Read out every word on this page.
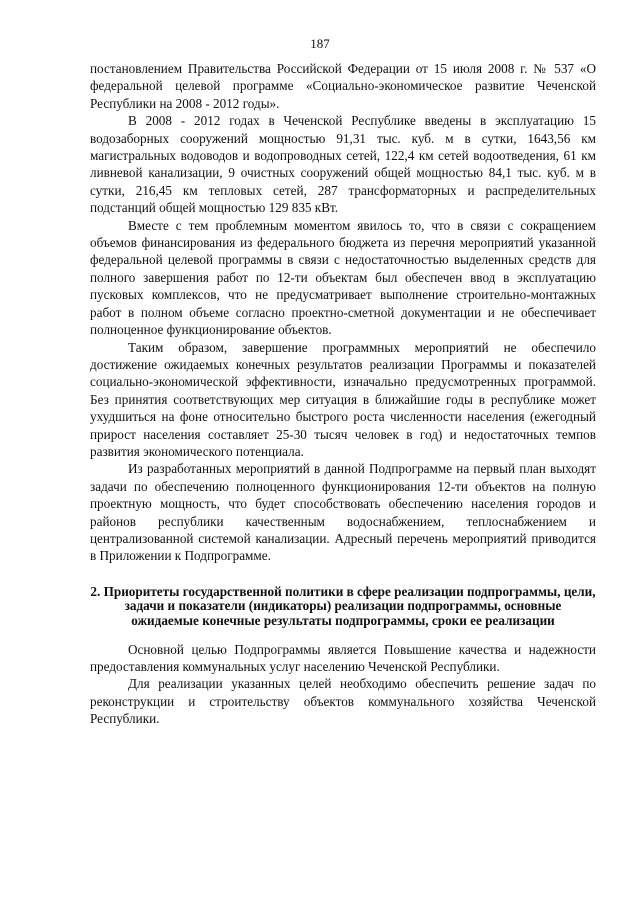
187

постановлением Правительства Российской Федерации от 15 июля 2008 г. № 537 «О федеральной целевой программе «Социально-экономическое развитие Чеченской Республики на 2008 - 2012 годы».

В 2008 - 2012 годах в Чеченской Республике введены в эксплуатацию 15 водозаборных сооружений мощностью 91,31 тыс. куб. м в сутки, 1643,56 км магистральных водоводов и водопроводных сетей, 122,4 км сетей водоотведения, 61 км ливневой канализации, 9 очистных сооружений общей мощностью 84,1 тыс. куб. м в сутки, 216,45 км тепловых сетей, 287 трансформаторных и распределительных подстанций общей мощностью 129 835 кВт.

Вместе с тем проблемным моментом явилось то, что в связи с сокращением объемов финансирования из федерального бюджета из перечня мероприятий указанной федеральной целевой программы в связи с недостаточностью выделенных средств для полного завершения работ по 12-ти объектам был обеспечен ввод в эксплуатацию пусковых комплексов, что не предусматривает выполнение строительно-монтажных работ в полном объеме согласно проектно-сметной документации и не обеспечивает полноценное функционирование объектов.

Таким образом, завершение программных мероприятий не обеспечило достижение ожидаемых конечных результатов реализации Программы и показателей социально-экономической эффективности, изначально предусмотренных программой. Без принятия соответствующих мер ситуация в ближайшие годы в республике может ухудшиться на фоне относительно быстрого роста численности населения (ежегодный прирост населения составляет 25-30 тысяч человек в год) и недостаточных темпов развития экономического потенциала.

Из разработанных мероприятий в данной Подпрограмме на первый план выходят задачи по обеспечению полноценного функционирования 12-ти объектов на полную проектную мощность, что будет способствовать обеспечению населения городов и районов республики качественным водоснабжением, теплоснабжением и централизованной системой канализации. Адресный перечень мероприятий приводится в Приложении к Подпрограмме.

2. Приоритеты государственной политики в сфере реализации подпрограммы, цели, задачи и показатели (индикаторы) реализации подпрограммы, основные ожидаемые конечные результаты подпрограммы, сроки ее реализации

Основной целью Подпрограммы является Повышение качества и надежности предоставления коммунальных услуг населению Чеченской Республики.

Для реализации указанных целей необходимо обеспечить решение задач по реконструкции и строительству объектов коммунального хозяйства Чеченской Республики.
